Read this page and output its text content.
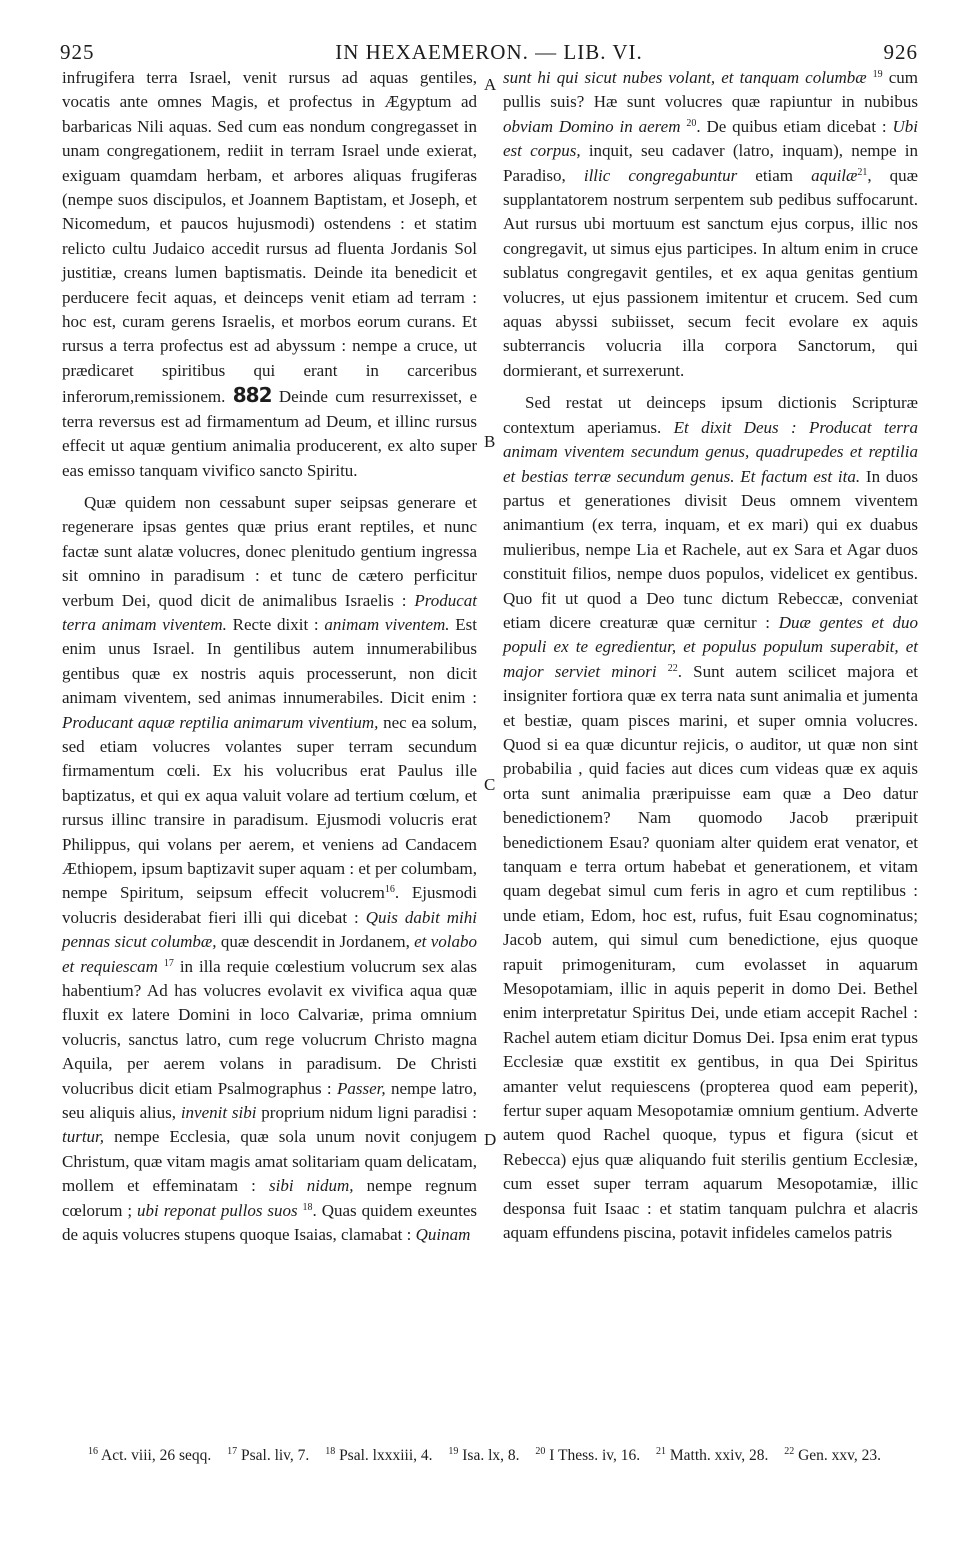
925	IN HEXAEMERON. — LIB. VI.	926
A
B
C
D

infrugifera terra Israel, venit rursus ad aquas gentiles, vocatis ante omnes Magis, et profectus in Ægyptum ad barbaricas Nili aquas. Sed cum eas nondum congregasset in unam congregationem, rediit in terram Israel unde exierat, exiguam quamdam herbam, et arbores aliquas frugiferas (nempe suos discipulos, et Joannem Baptistam, et Joseph, et Nicomedum, et paucos hujusmodi) ostendens : et statim relicto cultu Judaico accedit rursus ad fluenta Jordanis Sol justitiæ, creans lumen baptismatis. Deinde ita benedicit et perducere fecit aquas, et deinceps venit etiam ad terram : hoc est, curam gerens Israelis, et morbos eorum curans. Et rursus a terra profectus est ad abyssum : nempe a cruce, ut prædicaret spiritibus qui erant in carceribus inferorum,remissionem. 882 Deinde cum resurrexisset, e terra reversus est ad firmamentum ad Deum, et illinc rursus effecit ut aquæ gentium animalia producerent, ex alto super eas emisso tanquam vivifico sancto Spiritu.

Quæ quidem non cessabunt super seipsas generare et regenerare ipsas gentes quæ prius erant reptiles, et nunc factæ sunt alatæ volucres, donec plenitudo gentium ingressa sit omnino in paradisum : et tunc de cætero perficitur verbum Dei, quod dicit de animalibus Israelis : Producat terra animam viventem. Recte dixit : animam viventem. Est enim unus Israel. In gentilibus autem innumerabilibus gentibus quæ ex nostris aquis processerunt, non dicit animam viventem, sed animas innumerabiles. Dicit enim : Producant aquæ reptilia animarum viventium, nec ea solum, sed etiam volucres volantes super terram secundum firmamentum cœli. Ex his volucribus erat Paulus ille baptizatus, et qui ex aqua valuit volare ad tertium cœlum, et rursus illinc transire in paradisum. Ejusmodi volucris erat Philippus, qui volans per aerem, et veniens ad Candacem Æthiopem, ipsum baptizavit super aquam : et per columbam, nempe Spiritum, seipsum effecit volucrem$^{16}$. Ejusmodi volucris desiderabat fieri illi qui dicebat : Quis dabit mihi pennas sicut columbæ, quæ descendit in Jordanem, et volabo et requiescam $^{17}$ in illa requie cœlestium volucrum sex alas habentium? Ad has volucres evolavit ex vivifica aqua quæ fluxit ex latere Domini in loco Calvariæ, prima omnium volucris, sanctus latro, cum rege volucrum Christo magna Aquila, per aerem volans in paradisum. De Christi volucribus dicit etiam Psalmographus : Passer, nempe latro, seu aliquis alius, invenit sibi proprium nidum ligni paradisi : turtur, nempe Ecclesia, quæ sola unum novit conjugem Christum, quæ vitam magis amat solitariam quam delicatam, mollem et effeminatam : sibi nidum, nempe regnum cœlorum ; ubi reponat pullos suos $^{18}$. Quas quidem exeuntes de aquis volucres stupens quoque Isaias, clamabat : Quinam

sunt hi qui sicut nubes volant, et tanquam columbæ $^{19}$ cum pullis suis? Hæ sunt volucres quæ rapiuntur in nubibus obviam Domino in aerem $^{20}$. De quibus etiam dicebat : Ubi est corpus, inquit, seu cadaver (latro, inquam), nempe in Paradiso, illic congregabuntur etiam aquilæ$^{21}$, quæ supplantatorem nostrum serpentem sub pedibus suffocarunt. Aut rursus ubi mortuum est sanctum ejus corpus, illic nos congregavit, ut simus ejus participes. In altum enim in cruce sublatus congregavit gentiles, et ex aqua genitas gentium volucres, ut ejus passionem imitentur et crucem. Sed cum aquas abyssi subiisset, secum fecit evolare ex aquis subterrancis volucria illa corpora Sanctorum, qui dormierant, et surrexerunt.

Sed restat ut deinceps ipsum dictionis Scripturæ contextum aperiamus. Et dixit Deus : Producat terra animam viventem secundum genus, quadrupedes et reptilia et bestias terræ secundum genus. Et factum est ita. In duos partus et generationes divisit Deus omnem viventem animantium (ex terra, inquam, et ex mari) qui ex duabus mulieribus, nempe Lia et Rachele, aut ex Sara et Agar duos constituit filios, nempe duos populos, videlicet ex gentibus. Quo fit ut quod a Deo tunc dictum Rebeccæ, conveniat etiam dicere creaturæ quæ cernitur : Duæ gentes et duo populi ex te egredientur, et populus populum superabit, et major serviet minori $^{22}$. Sunt autem scilicet majora et insigniter fortiora quæ ex terra nata sunt animalia et jumenta et bestiæ, quam pisces marini, et super omnia volucres. Quod si ea quæ dicuntur rejicis, o auditor, ut quæ non sint probabilia , quid facies aut dices cum videas quæ ex aquis orta sunt animalia præripuisse eam quæ a Deo datur benedictionem? Nam quomodo Jacob præripuit benedictionem Esau? quoniam alter quidem erat venator, et tanquam e terra ortum habebat et generationem, et vitam quam degebat simul cum feris in agro et cum reptilibus : unde etiam, Edom, hoc est, rufus, fuit Esau cognominatus; Jacob autem, qui simul cum benedictione, ejus quoque rapuit primogenituram, cum evolasset in aquarum Mesopotamiam, illic in aquis peperit in domo Dei. Bethel enim interpretatur Spiritus Dei, unde etiam accepit Rachel : Rachel autem etiam dicitur Domus Dei. Ipsa enim erat typus Ecclesiæ quæ exstitit ex gentibus, in qua Dei Spiritus amanter velut requiescens (propterea quod eam peperit), fertur super aquam Mesopotamiæ omnium gentium. Adverte autem quod Rachel quoque, typus et figura (sicut et Rebecca) ejus quæ aliquando fuit sterilis gentium Ecclesiæ, cum esset super terram aquarum Mesopotamiæ, illic desponsa fuit Isaac : et statim tanquam pulchra et alacris aquam effundens piscina, potavit infideles camelos patris

$^{16}$ Act. viii, 26 seqq. $^{17}$ Psal. liv, 7. $^{18}$ Psal. lxxxiii, 4. $^{19}$ Isa. lx, 8. $^{20}$ I Thess. iv, 16. $^{21}$ Matth. xxiv, 28. $^{22}$ Gen. xxv, 23.
